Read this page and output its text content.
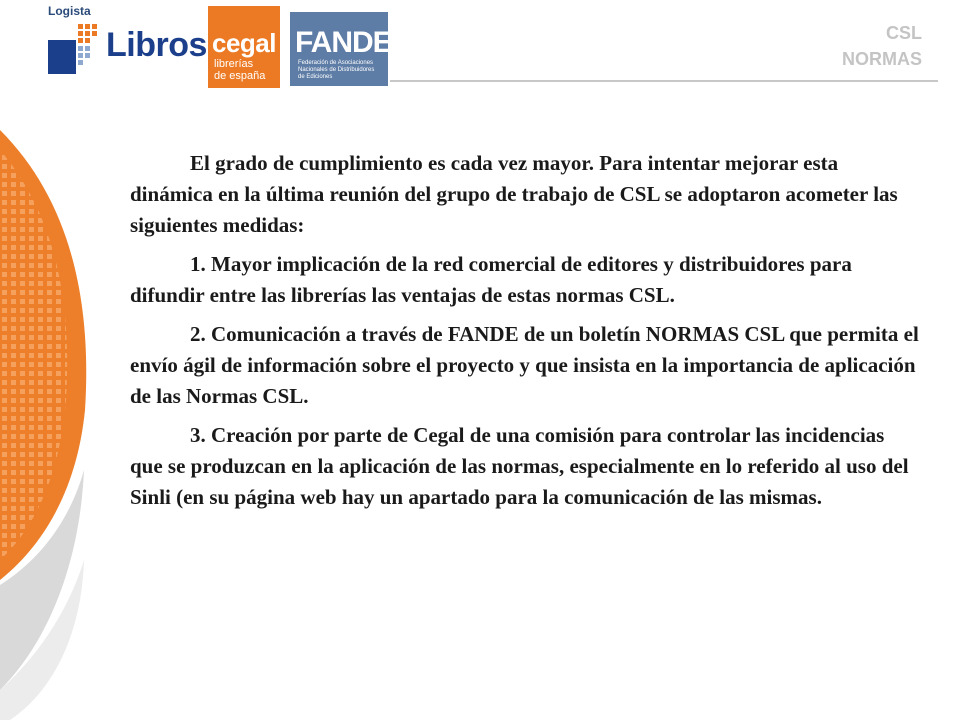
Logista
Libros cegal
librerías
de españa
FANDE
Federación de Asociaciones Nacionales de Distribuidores de Ediciones
CSL
NORMAS

El grado de cumplimiento es cada vez mayor. Para intentar mejorar esta dinámica en la última reunión del grupo de trabajo de CSL se adoptaron acometer las siguientes medidas:

1. Mayor implicación de la red comercial de editores y distribuidores para difundir entre las librerías las ventajas de estas normas CSL.

2. Comunicación a través de FANDE de un boletín NORMAS CSL que permita el envío ágil de información sobre el proyecto y que insista en la importancia de aplicación de las Normas CSL.

3. Creación por parte de Cegal de una comisión para controlar las incidencias que se produzcan en la aplicación de las normas, especialmente en lo referido al uso del Sinli (en su página web hay un apartado para la comunicación de las mismas.
